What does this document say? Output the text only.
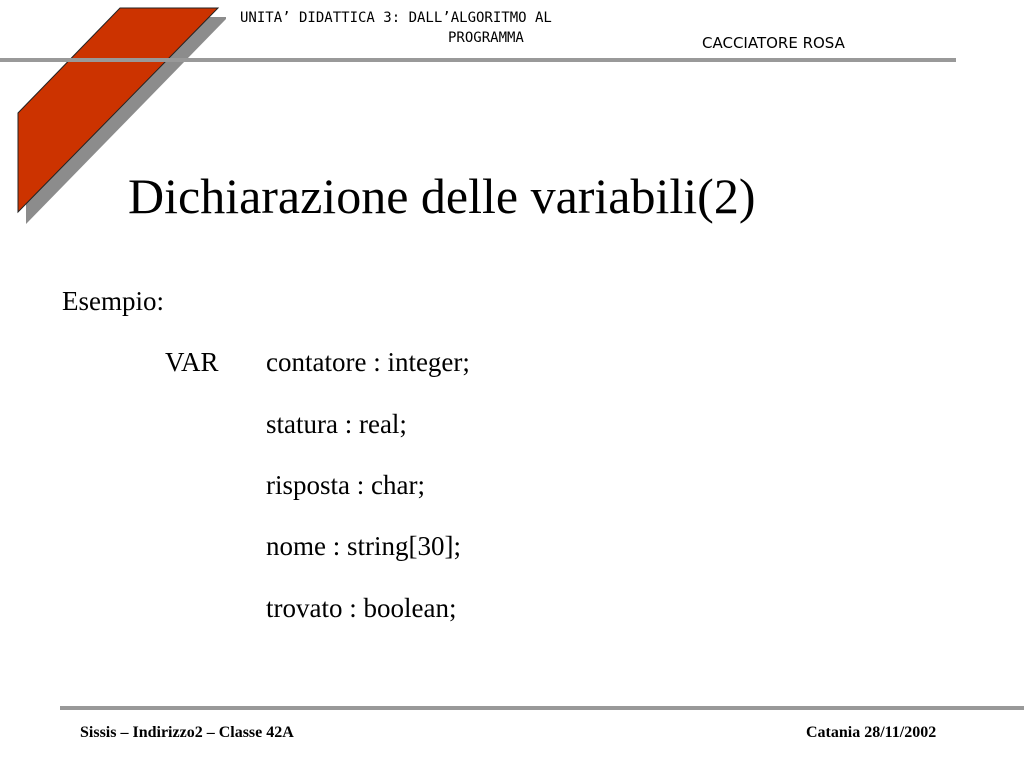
UNITA’ DIDATTICA 3: DALL’ALGORITMO AL
PROGRAMMA	CACCIATORE ROSA
Dichiarazione delle variabili(2)
Esempio:
VAR contatore : integer;
statura : real;
risposta : char;
nome : string[30];
trovato : boolean;
Sissis – Indirizzo2 – Classe 42A	Catania 28/11/2002
